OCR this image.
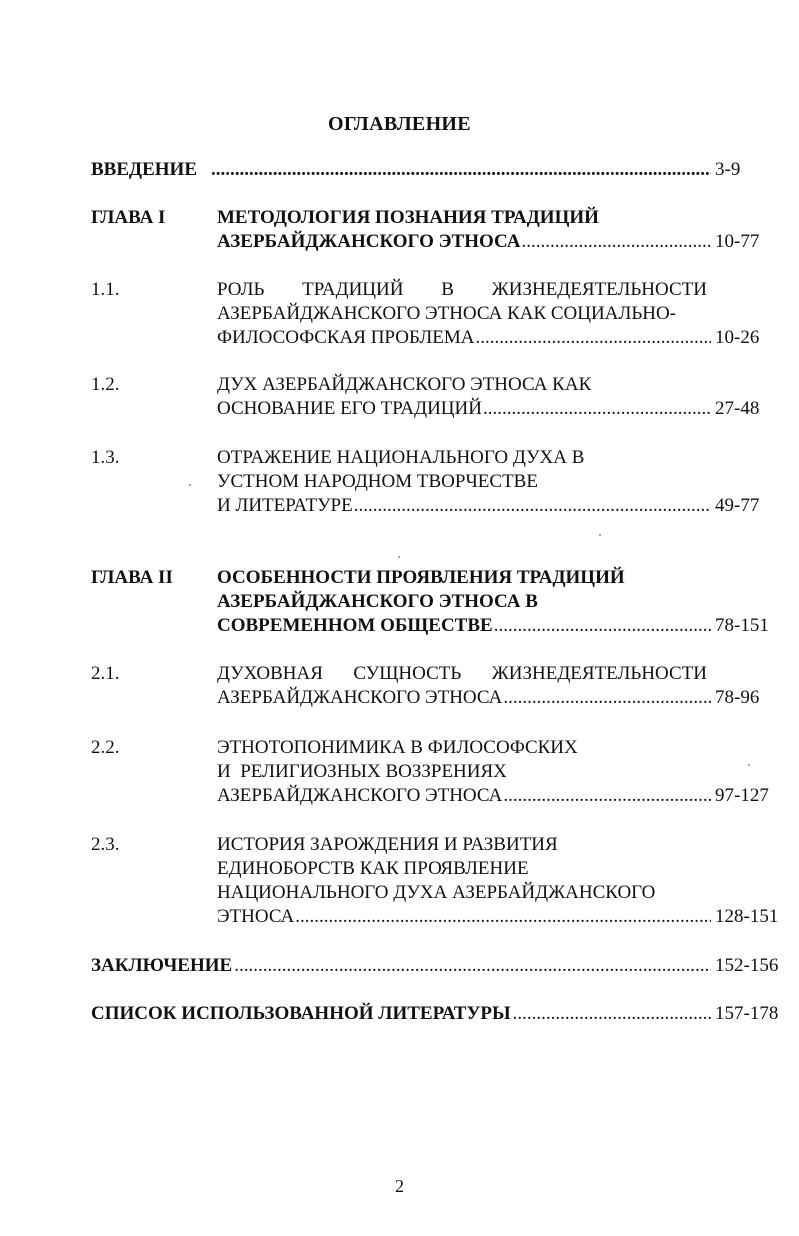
ОГЛАВЛЕНИЕ
ВВЕДЕНИЕ .....	3-9
ГЛАВА I	МЕТОДОЛОГИЯ ПОЗНАНИЯ ТРАДИЦИЙ
АЗЕРБАЙДЖАНСКОГО ЭТНОСА .....	10-77
1.1.	РОЛЬ ТРАДИЦИЙ В ЖИЗНЕДЕЯТЕЛЬНОСТИ
АЗЕРБАЙДЖАНСКОГО ЭТНОСА КАК СОЦИАЛЬНО-
ФИЛОСОФСКАЯ ПРОБЛЕМА .....	10-26
1.2.	ДУХ АЗЕРБАЙДЖАНСКОГО ЭТНОСА КАК
ОСНОВАНИЕ ЕГО ТРАДИЦИЙ .....	27-48
1.3.	ОТРАЖЕНИЕ НАЦИОНАЛЬНОГО ДУХА В
УСТНОМ НАРОДНОМ ТВОРЧЕСТВЕ
И ЛИТЕРАТУРЕ .....	49-77
ГЛАВА II ОСОБЕННОСТИ ПРОЯВЛЕНИЯ ТРАДИЦИЙ
АЗЕРБАЙДЖАНСКОГО ЭТНОСА В
СОВРЕМЕННОМ ОБЩЕСТВЕ .....	78-151
2.1.	ДУХОВНАЯ СУЩНОСТЬ ЖИЗНЕДЕЯТЕЛЬНОСТИ
АЗЕРБАЙДЖАНСКОГО ЭТНОСА .....	78-96
2.2.	ЭТНОТОПОНИМИКА В ФИЛОСОФСКИХ
И  РЕЛИГИОЗНЫХ ВОЗЗРЕНИЯХ
АЗЕРБАЙДЖАНСКОГО ЭТНОСА .....	97-127
2.3.	ИСТОРИЯ ЗАРОЖДЕНИЯ И РАЗВИТИЯ
ЕДИНОБОРСТВ КАК ПРОЯВЛЕНИЕ
НАЦИОНАЛЬНОГО ДУХА АЗЕРБАЙДЖАНСКОГО
ЭТНОСА .....	128-151
ЗАКЛЮЧЕНИЕ .....	152-156
СПИСОК ИСПОЛЬЗОВАННОЙ ЛИТЕРАТУРЫ .....	157-178
2
